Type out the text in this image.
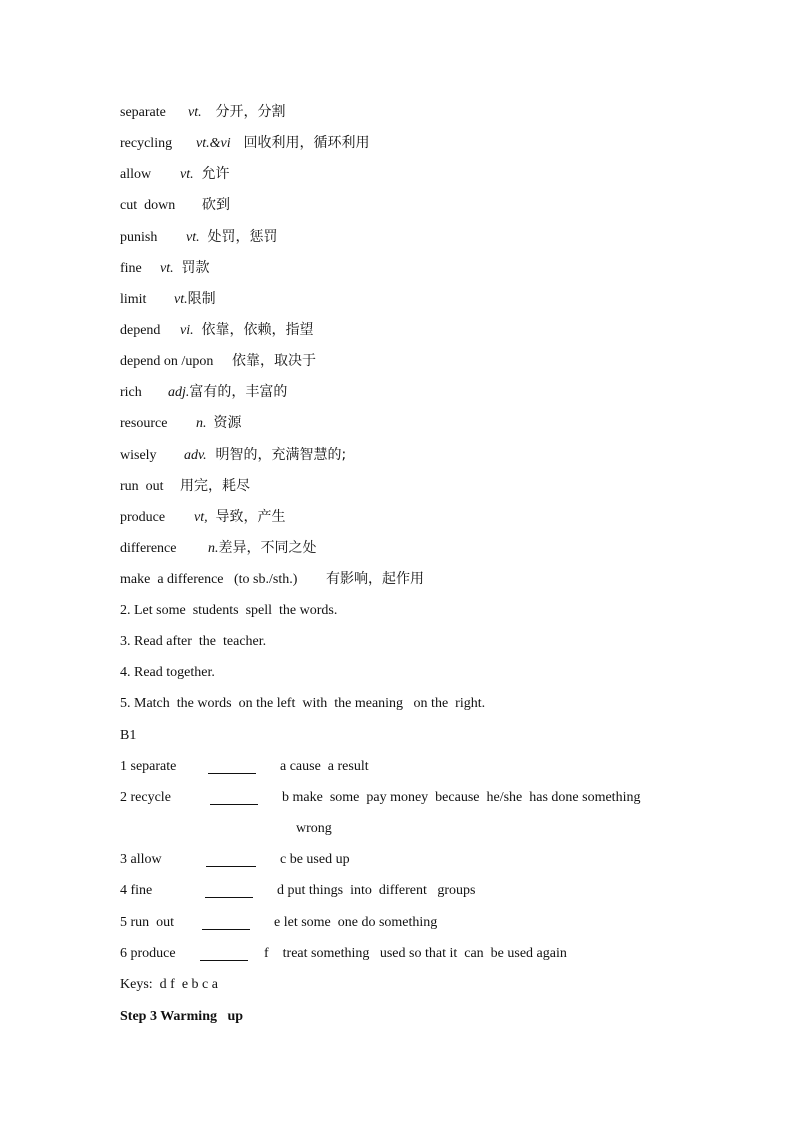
separate vt. 分开，分割
recycling vt.&vi 回收利用，循环利用
allow vt. 允许
cut  down 砍到
punish vt. 处罚，惩罚
fine vt. 罚款
limit vt.限制
depend vi. 依靠，依赖，指望
depend on /upon 依靠，取决于
rich adj.富有的，丰富的
resource n. 资源
wisely adv. 明智的，充满智慧的;
run  out 用完，耗尽
produce vt, 导致，产生
difference n.差异，不同之处
make  a difference   (to sb./sth.) 有影响，起作用
2. Let some  students  spell  the words.
3. Read after  the  teacher.
4. Read together.
5. Match  the words  on the left  with  the meaning   on the  right.
B1
1 separate	a cause  a result
2 recycle	b make  some  pay money  because  he/she  has done something
wrong
3 allow	c be used up
4 fine	d put things  into  different   groups
5 run  out	e let some  one do something
6 produce	f    treat something   used so that it  can  be used again
Keys:  d f  e b c a
Step 3 Warming   up
